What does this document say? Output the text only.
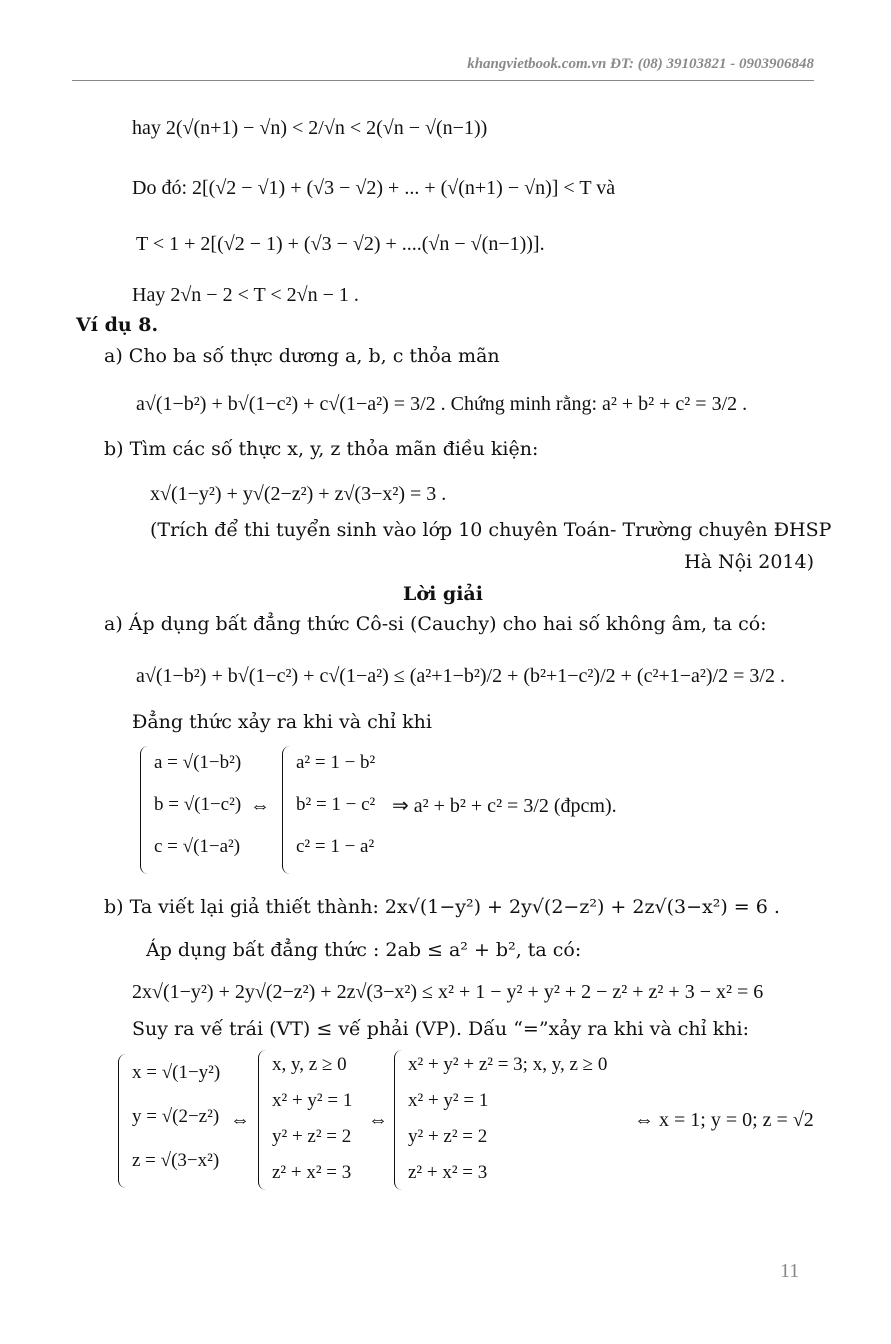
khangvietbook.com.vn ĐT: (08) 39103821 - 0903906848
hay 2(√(n+1) − √n) < 2/√n < 2(√n − √(n−1))
Do đó: 2[(√2 − √1) + (√3 − √2) + ... + (√(n+1) − √n)] < T và
T < 1 + 2[(√2 − 1) + (√3 − √2) + ....(√n − √(n−1))].
Hay 2√n − 2 < T < 2√n − 1 .
Ví dụ 8.
a) Cho ba số thực dương a, b, c thỏa mãn
a√(1−b²) + b√(1−c²) + c√(1−a²) = 3/2 . Chứng minh rằng: a² + b² + c² = 3/2 .
b) Tìm các số thực x, y, z thỏa mãn điều kiện:
x√(1−y²) + y√(2−z²) + z√(3−x²) = 3 .
(Trích để thi tuyển sinh vào lớp 10 chuyên Toán- Trường chuyên ĐHSP
Hà Nội 2014)
Lời giải
a) Áp dụng bất đẳng thức Cô-si (Cauchy) cho hai số không âm, ta có:
a√(1−b²) + b√(1−c²) + c√(1−a²) ≤ (a²+1−b²)/2 + (b²+1−c²)/2 + (c²+1−a²)/2 = 3/2 .
Đẳng thức xảy ra khi và chỉ khi
a = √(1−b²)
b = √(1−c²)
c = √(1−a²)
⇔
a² = 1 − b²
b² = 1 − c²
c² = 1 − a²
⇒ a² + b² + c² = 3/2 (đpcm).
b) Ta viết lại giả thiết thành: 2x√(1−y²) + 2y√(2−z²) + 2z√(3−x²) = 6 .
Áp dụng bất đẳng thức : 2ab ≤ a² + b², ta có:
2x√(1−y²) + 2y√(2−z²) + 2z√(3−x²) ≤ x² + 1 − y² + y² + 2 − z² + z² + 3 − x² = 6
Suy ra vế trái (VT) ≤ vế phải (VP). Dấu “=”xảy ra khi và chỉ khi:
x = √(1−y²)
y = √(2−z²)
z = √(3−x²)
⇔
x, y, z ≥ 0
x² + y² = 1
y² + z² = 2
z² + x² = 3
⇔
x² + y² + z² = 3; x, y, z ≥ 0
x² + y² = 1
y² + z² = 2
z² + x² = 3
⇔ x = 1; y = 0; z = √2
11
